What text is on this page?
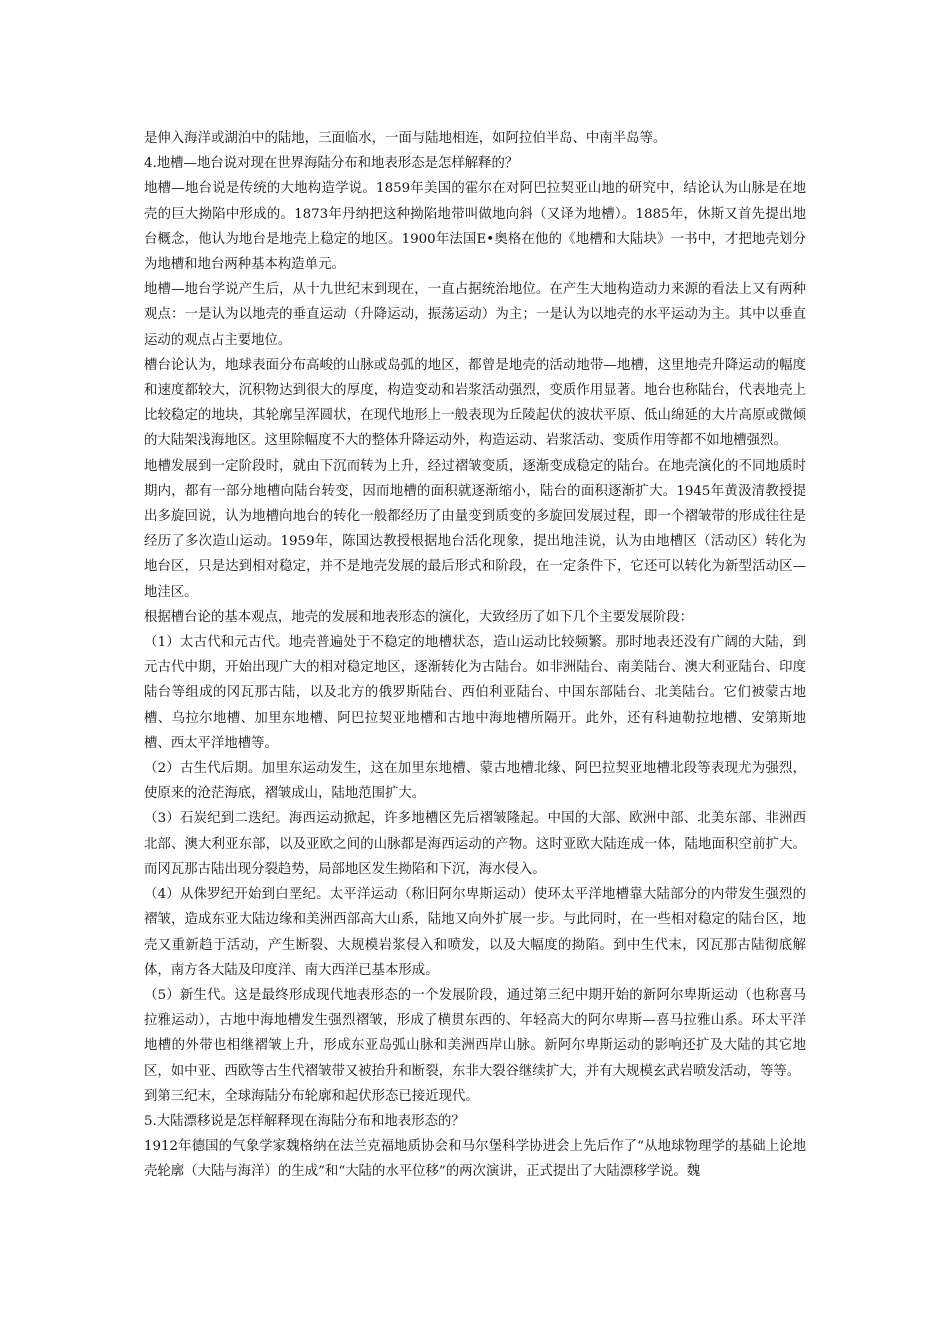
是伸入海洋或湖泊中的陆地，三面临水，一面与陆地相连，如阿拉伯半岛、中南半岛等。

4.地槽—地台说对现在世界海陆分布和地表形态是怎样解释的？

地槽—地台说是传统的大地构造学说。1859年美国的霍尔在对阿巴拉契亚山地的研究中，结论认为山脉是在地壳的巨大拗陷中形成的。1873年丹纳把这种拗陷地带叫做地向斜（又译为地槽）。1885年，休斯又首先提出地台概念，他认为地台是地壳上稳定的地区。1900年法国E•奥格在他的《地槽和大陆块》一书中，才把地壳划分为地槽和地台两种基本构造单元。

地槽—地台学说产生后，从十九世纪末到现在，一直占据统治地位。在产生大地构造动力来源的看法上又有两种观点：一是认为以地壳的垂直运动（升降运动，振荡运动）为主；一是认为以地壳的水平运动为主。其中以垂直运动的观点占主要地位。

槽台论认为，地球表面分布高峻的山脉或岛弧的地区，都曾是地壳的活动地带—地槽，这里地壳升降运动的幅度和速度都较大，沉积物达到很大的厚度，构造变动和岩浆活动强烈，变质作用显著。地台也称陆台，代表地壳上比较稳定的地块，其轮廓呈浑圆状，在现代地形上一般表现为丘陵起伏的波状平原、低山绵延的大片高原或微倾的大陆架浅海地区。这里除幅度不大的整体升降运动外，构造运动、岩浆活动、变质作用等都不如地槽强烈。

地槽发展到一定阶段时，就由下沉而转为上升，经过褶皱变质，逐渐变成稳定的陆台。在地壳演化的不同地质时期内，都有一部分地槽向陆台转变，因而地槽的面积就逐渐缩小，陆台的面积逐渐扩大。1945年黄汲清教授提出多旋回说，认为地槽向地台的转化一般都经历了由量变到质变的多旋回发展过程，即一个褶皱带的形成往往是经历了多次造山运动。1959年，陈国达教授根据地台活化现象，提出地洼说，认为由地槽区（活动区）转化为地台区，只是达到相对稳定，并不是地壳发展的最后形式和阶段，在一定条件下，它还可以转化为新型活动区—地洼区。

根据槽台论的基本观点，地壳的发展和地表形态的演化，大致经历了如下几个主要发展阶段：

（1）太古代和元古代。地壳普遍处于不稳定的地槽状态，造山运动比较频繁。那时地表还没有广阔的大陆，到元古代中期，开始出现广大的相对稳定地区，逐渐转化为古陆台。如非洲陆台、南美陆台、澳大利亚陆台、印度陆台等组成的冈瓦那古陆，以及北方的俄罗斯陆台、西伯利亚陆台、中国东部陆台、北美陆台。它们被蒙古地槽、乌拉尔地槽、加里东地槽、阿巴拉契亚地槽和古地中海地槽所隔开。此外，还有科迪勒拉地槽、安第斯地槽、西太平洋地槽等。

（2）古生代后期。加里东运动发生，这在加里东地槽、蒙古地槽北缘、阿巴拉契亚地槽北段等表现尤为强烈，使原来的沧茫海底，褶皱成山，陆地范围扩大。

（3）石炭纪到二迭纪。海西运动掀起，许多地槽区先后褶皱隆起。中国的大部、欧洲中部、北美东部、非洲西北部、澳大利亚东部，以及亚欧之间的山脉都是海西运动的产物。这时亚欧大陆连成一体，陆地面积空前扩大。而冈瓦那古陆出现分裂趋势，局部地区发生拗陷和下沉，海水侵入。

（4）从侏罗纪开始到白垩纪。太平洋运动（称旧阿尔卑斯运动）使环太平洋地槽靠大陆部分的内带发生强烈的褶皱，造成东亚大陆边缘和美洲西部高大山系，陆地又向外扩展一步。与此同时，在一些相对稳定的陆台区，地壳又重新趋于活动，产生断裂、大规模岩浆侵入和喷发，以及大幅度的拗陷。到中生代末，冈瓦那古陆彻底解体，南方各大陆及印度洋、南大西洋已基本形成。

（5）新生代。这是最终形成现代地表形态的一个发展阶段，通过第三纪中期开始的新阿尔卑斯运动（也称喜马拉雅运动），古地中海地槽发生强烈褶皱，形成了横贯东西的、年轻高大的阿尔卑斯—喜马拉雅山系。环太平洋地槽的外带也相继褶皱上升，形成东亚岛弧山脉和美洲西岸山脉。新阿尔卑斯运动的影响还扩及大陆的其它地区，如中亚、西欧等古生代褶皱带又被抬升和断裂，东非大裂谷继续扩大，并有大规模玄武岩喷发活动，等等。

到第三纪末，全球海陆分布轮廓和起伏形态已接近现代。

5.大陆漂移说是怎样解释现在海陆分布和地表形态的？

1912年德国的气象学家魏格纳在法兰克福地质协会和马尔堡科学协进会上先后作了“从地球物理学的基础上论地壳轮廓（大陆与海洋）的生成”和“大陆的水平位移”的两次演讲，正式提出了大陆漂移学说。魏
